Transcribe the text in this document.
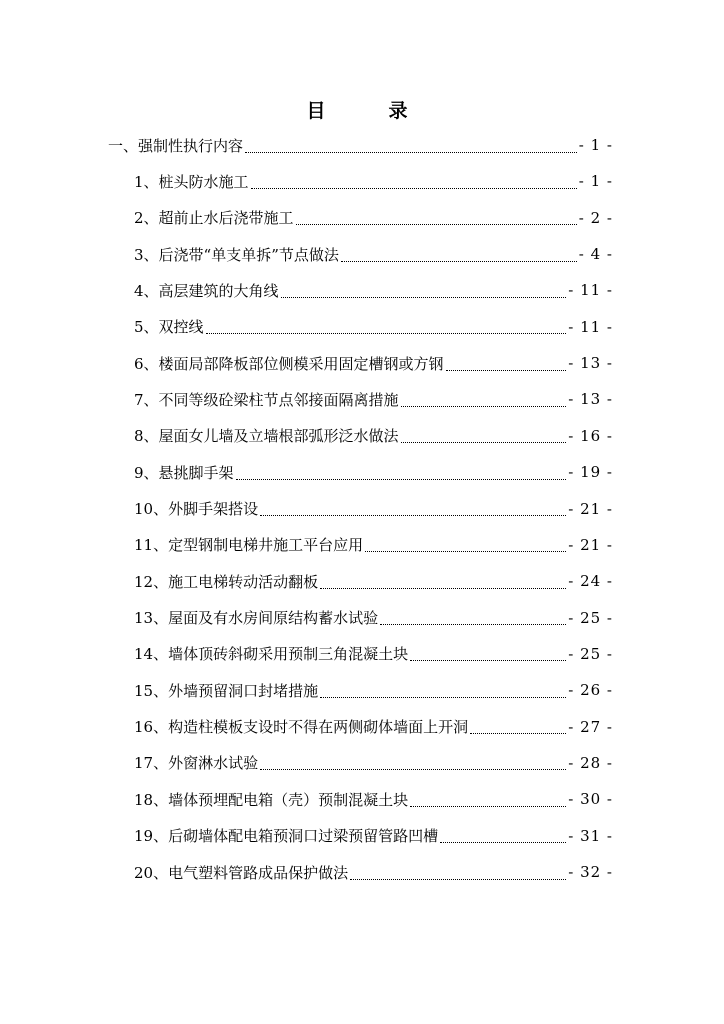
目　录
一、强制性执行内容	- 1 -
1、桩头防水施工	- 1 -
2、超前止水后浇带施工	- 2 -
3、后浇带“单支单拆”节点做法	- 4 -
4、高层建筑的大角线	- 11 -
5、双控线	- 11 -
6、楼面局部降板部位侧模采用固定槽钢或方钢	- 13 -
7、不同等级砼梁柱节点邻接面隔离措施	- 13 -
8、屋面女儿墙及立墙根部弧形泛水做法	- 16 -
9、悬挑脚手架	- 19 -
10、外脚手架搭设	- 21 -
11、定型钢制电梯井施工平台应用	- 21 -
12、施工电梯转动活动翻板	- 24 -
13、屋面及有水房间原结构蓄水试验	- 25 -
14、墙体顶砖斜砌采用预制三角混凝土块	- 25 -
15、外墙预留洞口封堵措施	- 26 -
16、构造柱模板支设时不得在两侧砌体墙面上开洞	- 27 -
17、外窗淋水试验	- 28 -
18、墙体预埋配电箱（壳）预制混凝土块	- 30 -
19、后砌墙体配电箱预洞口过梁预留管路凹槽	- 31 -
20、电气塑料管路成品保护做法	- 32 -
